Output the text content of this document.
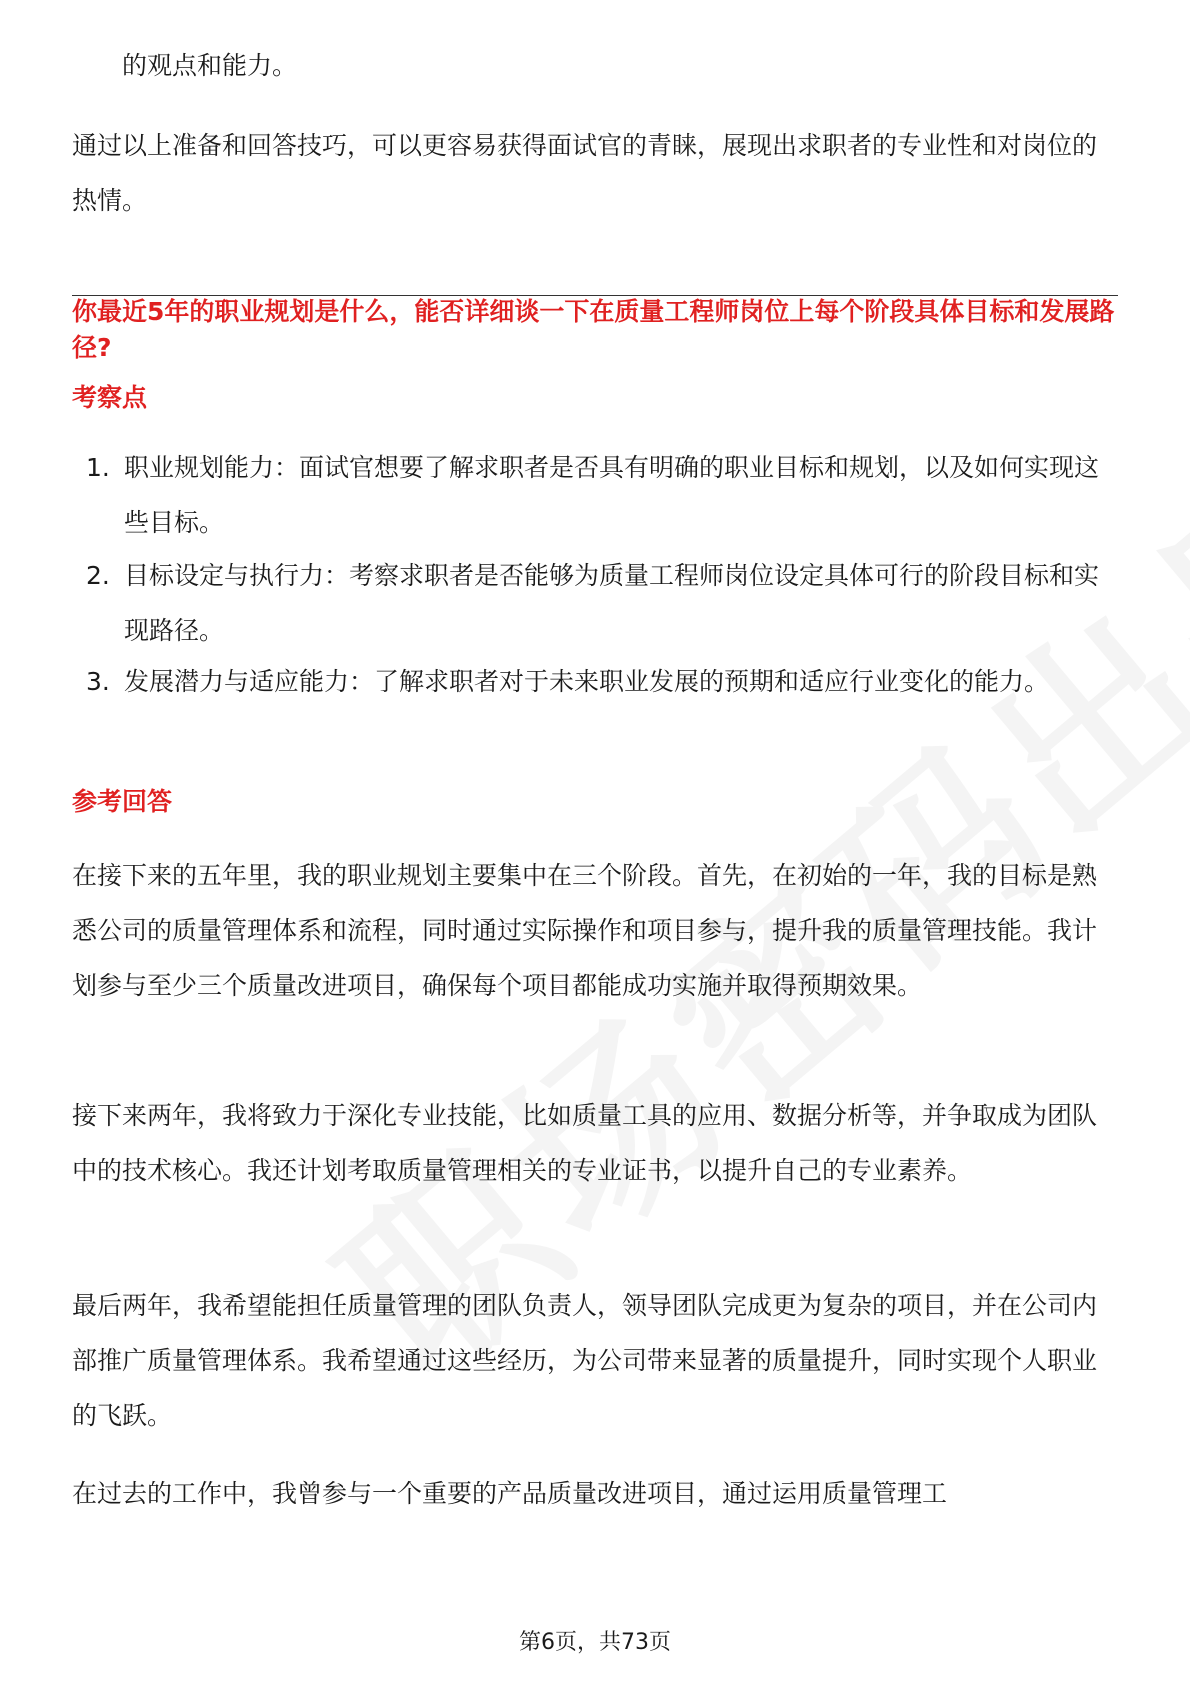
的观点和能力。

通过以上准备和回答技巧，可以更容易获得面试官的青睐，展现出求职者的专业性和对岗位的热情。

你最近5年的职业规划是什么，能否详细谈一下在质量工程师岗位上每个阶段具体目标和发展路径?

考察点

1. 职业规划能力：面试官想要了解求职者是否具有明确的职业目标和规划，以及如何实现这些目标。
2. 目标设定与执行力：考察求职者是否能够为质量工程师岗位设定具体可行的阶段目标和实现路径。
3. 发展潜力与适应能力：了解求职者对于未来职业发展的预期和适应行业变化的能力。

参考回答

在接下来的五年里，我的职业规划主要集中在三个阶段。首先，在初始的一年，我的目标是熟悉公司的质量管理体系和流程，同时通过实际操作和项目参与，提升我的质量管理技能。我计划参与至少三个质量改进项目，确保每个项目都能成功实施并取得预期效果。

接下来两年，我将致力于深化专业技能，比如质量工具的应用、数据分析等，并争取成为团队中的技术核心。我还计划考取质量管理相关的专业证书，以提升自己的专业素养。

最后两年，我希望能担任质量管理的团队负责人，领导团队完成更为复杂的项目，并在公司内部推广质量管理体系。我希望通过这些经历，为公司带来显著的质量提升，同时实现个人职业的飞跃。

在过去的工作中，我曾参与一个重要的产品质量改进项目，通过运用质量管理工

第6页，共73页
